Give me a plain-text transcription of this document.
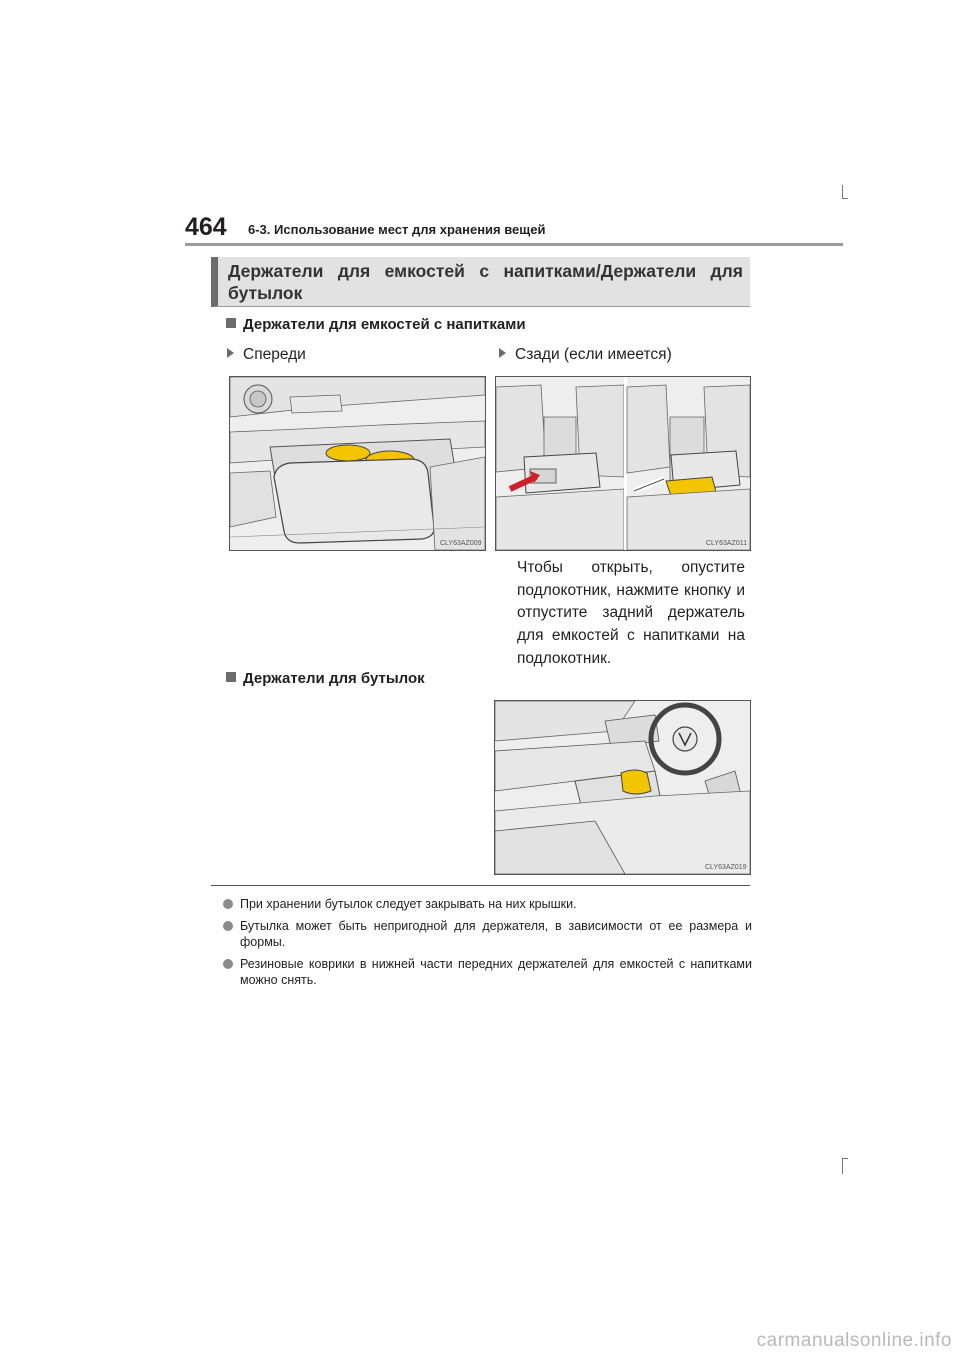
464 6-3. Использование мест для хранения вещей
Держатели для емкостей с напитками/Держатели для бутылок
Держатели для емкостей с напитками
Спереди	Сзади (если имеется)
CLY63AZ009	CLY63AZ011
Чтобы открыть, опустите подлокотник, нажмите кнопку и отпустите задний держатель для емкостей с напитками на подлокотник.
Держатели для бутылок
CLY63AZ019
При хранении бутылок следует закрывать на них крышки.
Бутылка может быть непригодной для держателя, в зависимости от ее размера и формы.
Резиновые коврики в нижней части передних держателей для емкостей с напитками можно снять.
carmanualsonline.info
